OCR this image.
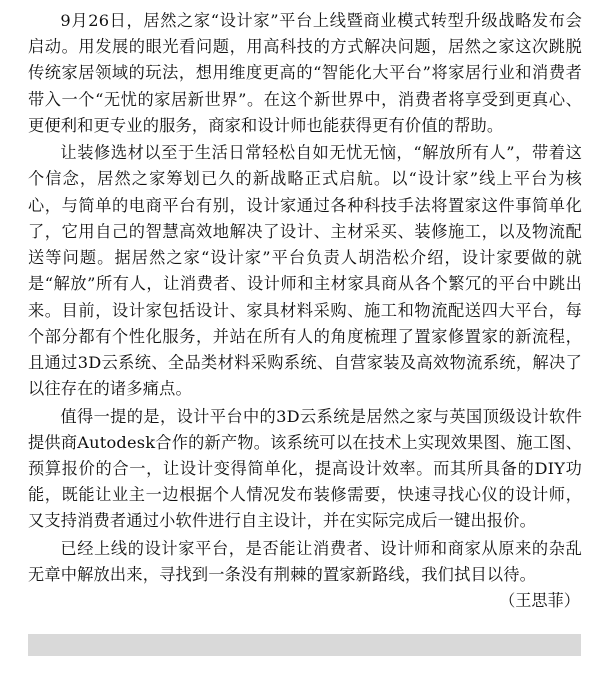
9月26日，居然之家“设计家”平台上线暨商业模式转型升级战略发布会启动。用发展的眼光看问题，用高科技的方式解决问题，居然之家这次跳脱传统家居领域的玩法，想用维度更高的“智能化大平台”将家居行业和消费者带入一个“无忧的家居新世界”。在这个新世界中，消费者将享受到更真心、更便利和更专业的服务，商家和设计师也能获得更有价值的帮助。

让装修选材以至于生活日常轻松自如无忧无恼，“解放所有人”，带着这个信念，居然之家筹划已久的新战略正式启航。以“设计家”线上平台为核心，与简单的电商平台有别，设计家通过各种科技手法将置家这件事简单化了，它用自己的智慧高效地解决了设计、主材采买、装修施工，以及物流配送等问题。据居然之家“设计家”平台负责人胡浩松介绍，设计家要做的就是“解放”所有人，让消费者、设计师和主材家具商从各个繁冗的平台中跳出来。目前，设计家包括设计、家具材料采购、施工和物流配送四大平台，每个部分都有个性化服务，并站在所有人的角度梳理了置家修置家的新流程，且通过3D云系统、全品类材料采购系统、自营家装及高效物流系统，解决了以往存在的诸多痛点。

值得一提的是，设计平台中的3D云系统是居然之家与英国顶级设计软件提供商Autodesk合作的新产物。该系统可以在技术上实现效果图、施工图、预算报价的合一，让设计变得简单化，提高设计效率。而其所具备的DIY功能，既能让业主一边根据个人情况发布装修需要，快速寻找心仪的设计师，又支持消费者通过小软件进行自主设计，并在实际完成后一键出报价。

已经上线的设计家平台，是否能让消费者、设计师和商家从原来的杂乱无章中解放出来，寻找到一条没有荆棘的置家新路线，我们拭目以待。

（王思菲）
